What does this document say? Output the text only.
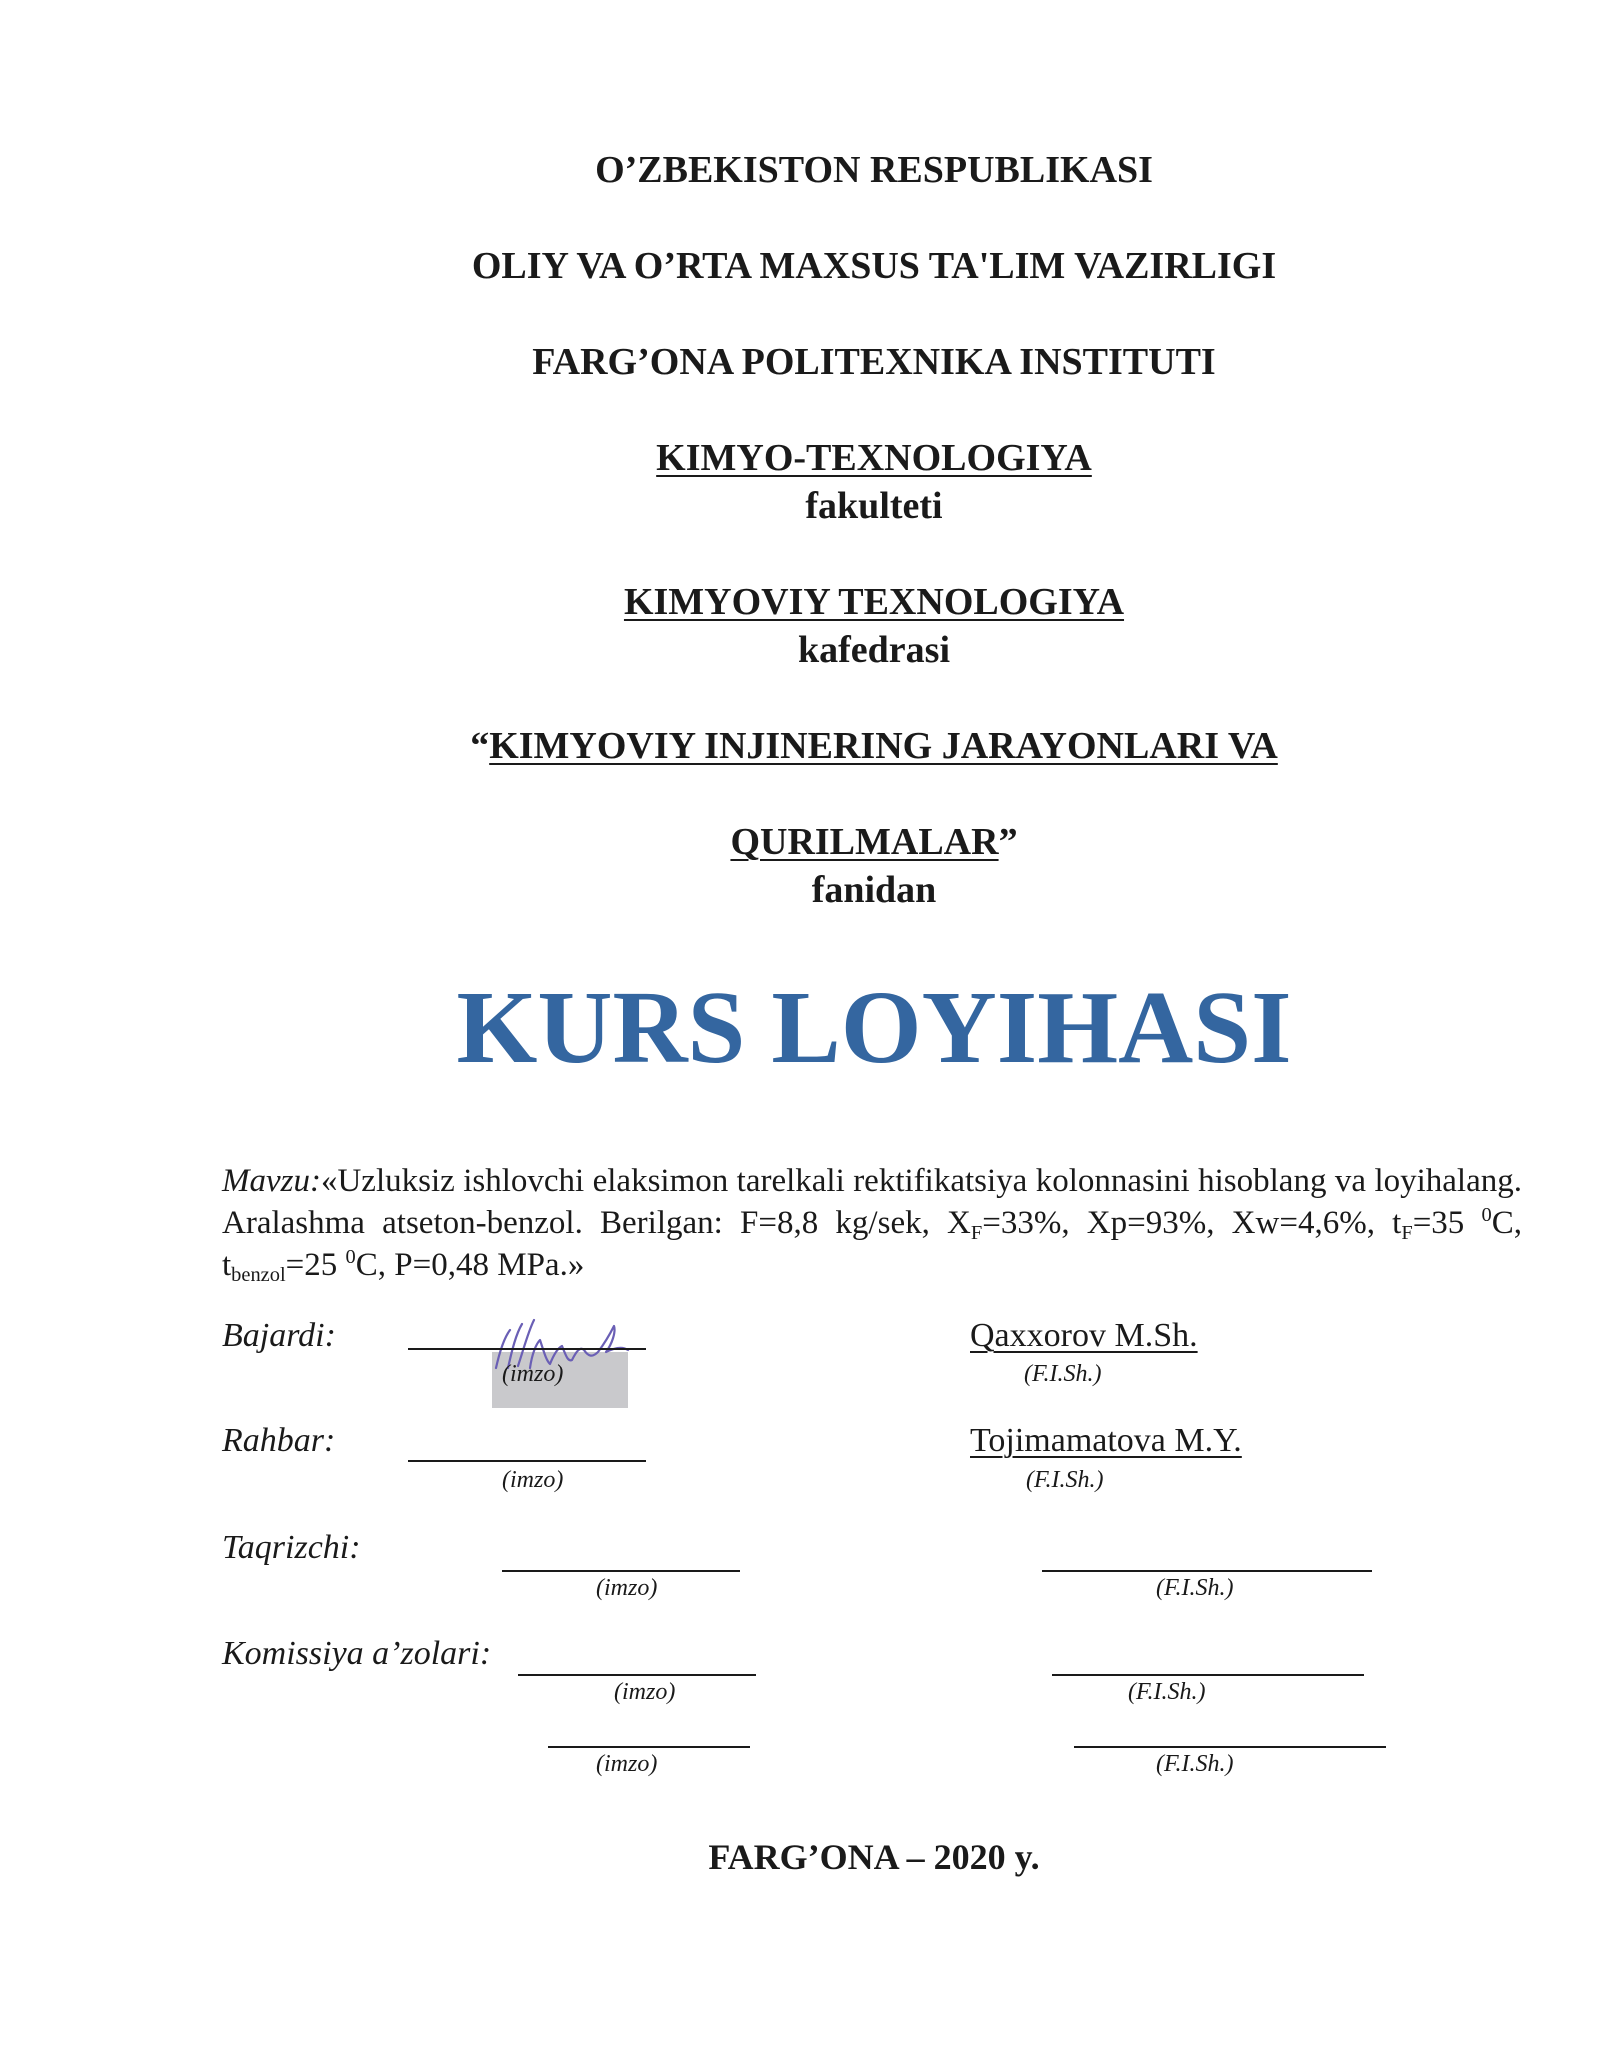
O’ZBEKISTON RESPUBLIKASI
OLIY VA O’RTA MAXSUS TA'LIM VAZIRLIGI
FARG’ONA POLITEXNIKA INSTITUTI
KIMYO-TEXNOLOGIYA
fakulteti
KIMYOVIY TEXNOLOGIYA
kafedrasi
“KIMYOVIY INJINERING JARAYONLARI VA
QURILMALAR”
fanidan
KURS LOYIHASI
Mavzu:«Uzluksiz ishlovchi elaksimon tarelkali rektifikatsiya kolonnasini hisoblang va loyihalang. Aralashma atseton-benzol. Berilgan: F=8,8 kg/sek, $X_F=33\%$, Xp=93%, Xw=4,6%, $t_F=35$ $^0$C, $t_{benzol}=25$ $^0$C, P=0,48 MPa.»
Bajardi:
(imzo)
Qaxxorov M.Sh.
(F.I.Sh.)
Rahbar:
(imzo)
Tojimamatova M.Y.
(F.I.Sh.)
Taqrizchi:
(imzo)	(F.I.Sh.)
Komissiya a’zolari:
(imzo)	(F.I.Sh.)
(imzo)	(F.I.Sh.)
FARG’ONA – 2020 y.
